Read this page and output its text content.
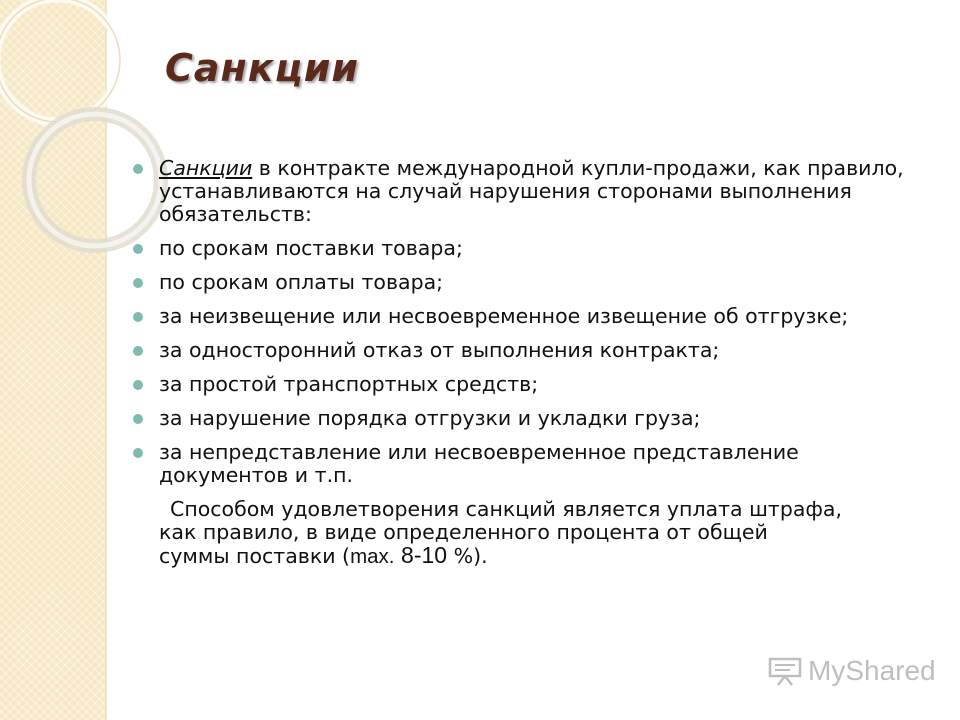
Санкции
Санкции в контракте международной купли-продажи, как правило, устанавливаются на случай нарушения сторонами выполнения обязательств:
по срокам поставки товара;
по срокам оплаты товара;
за неизвещение или несвоевременное извещение об отгрузке;
за односторонний отказ от выполнения контракта;
за простой транспортных средств;
за нарушение порядка отгрузки и укладки груза;
за непредставление или несвоевременное представление документов и т.п.
Способом удовлетворения санкций является уплата штрафа,
как правило, в виде определенного процента от общей
суммы поставки (max. 8-10 %).
MyShared
